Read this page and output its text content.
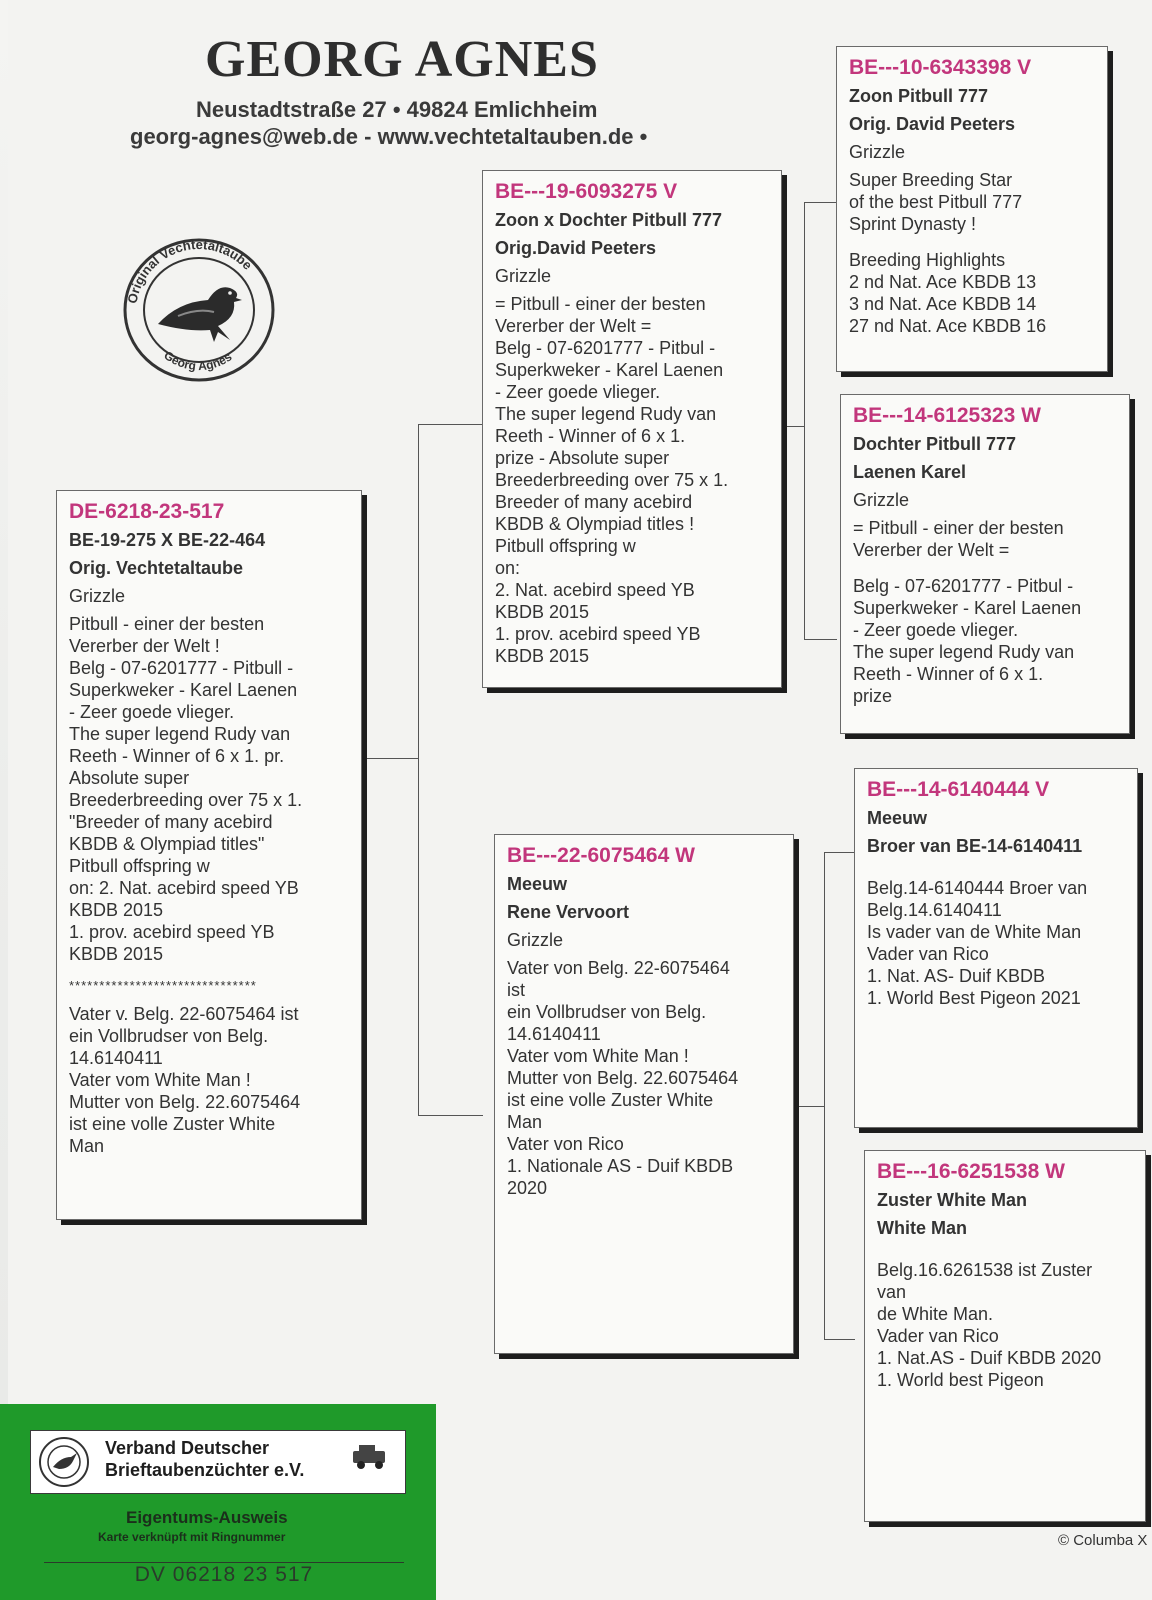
GEORG AGNES
Neustadtstraße 27 • 49824 Emlichheim
georg-agnes@web.de - www.vechtetaltauben.de •
Original Vechtetaltaube
Georg Agnes
DE-6218-23-517
BE-19-275 X BE-22-464
Orig. Vechtetaltaube
Grizzle
Pitbull - einer der besten
Vererber der Welt !
Belg - 07-6201777 - Pitbull -
Superkweker - Karel Laenen
- Zeer goede vlieger.
The super legend Rudy van
Reeth - Winner of 6 x 1. pr.
Absolute super
Breederbreeding over 75 x 1.
"Breeder of many acebird
KBDB & Olympiad titles"
Pitbull offspring w
on: 2. Nat. acebird speed YB
KBDB 2015
1. prov. acebird speed YB
KBDB 2015
*******************************
Vater v. Belg. 22-6075464 ist
ein Vollbrudser von Belg.
14.6140411
Vater vom White Man !
Mutter von Belg. 22.6075464
ist eine volle Zuster White
Man
BE---19-6093275 V
Zoon x Dochter Pitbull 777
Orig.David Peeters
Grizzle
= Pitbull - einer der besten
Vererber der Welt =
Belg - 07-6201777 - Pitbul -
Superkweker - Karel Laenen
- Zeer goede vlieger.
The super legend Rudy van
Reeth - Winner of 6 x 1.
prize - Absolute super
Breederbreeding over 75 x 1.
Breeder of many acebird
KBDB & Olympiad titles !
Pitbull offspring w
on:
2. Nat. acebird speed YB
KBDB 2015
1. prov. acebird speed YB
KBDB 2015
BE---22-6075464 W
Meeuw
Rene Vervoort
Grizzle
Vater von Belg. 22-6075464
ist
ein Vollbrudser von Belg.
14.6140411
Vater vom White Man !
Mutter von Belg. 22.6075464
ist eine volle Zuster White
Man
Vater von Rico
1. Nationale AS - Duif KBDB
2020
BE---10-6343398 V
Zoon Pitbull 777
Orig. David Peeters
Grizzle
Super Breeding Star
of the best Pitbull 777
Sprint Dynasty !
Breeding Highlights
2 nd Nat. Ace KBDB 13
3 nd Nat. Ace KBDB 14
27 nd Nat. Ace KBDB 16
BE---14-6125323 W
Dochter Pitbull 777
Laenen Karel
Grizzle
= Pitbull - einer der besten
Vererber der Welt =
Belg - 07-6201777 - Pitbul -
Superkweker - Karel Laenen
- Zeer goede vlieger.
The super legend Rudy van
Reeth - Winner of 6 x 1.
prize
BE---14-6140444 V
Meeuw
Broer van BE-14-6140411
Belg.14-6140444 Broer van
Belg.14.6140411
Is vader van de White Man
Vader van Rico
1. Nat. AS- Duif KBDB
1. World Best Pigeon 2021
BE---16-6251538 W
Zuster White Man
White Man
Belg.16.6261538 ist Zuster
van
de White Man.
Vader van Rico
1. Nat.AS - Duif KBDB 2020
1. World best Pigeon
Verband Deutscher
Brieftaubenzüchter e.V.
Eigentums-Ausweis
Karte verknüpft mit Ringnummer
DV 06218 23 517
© Columba X
